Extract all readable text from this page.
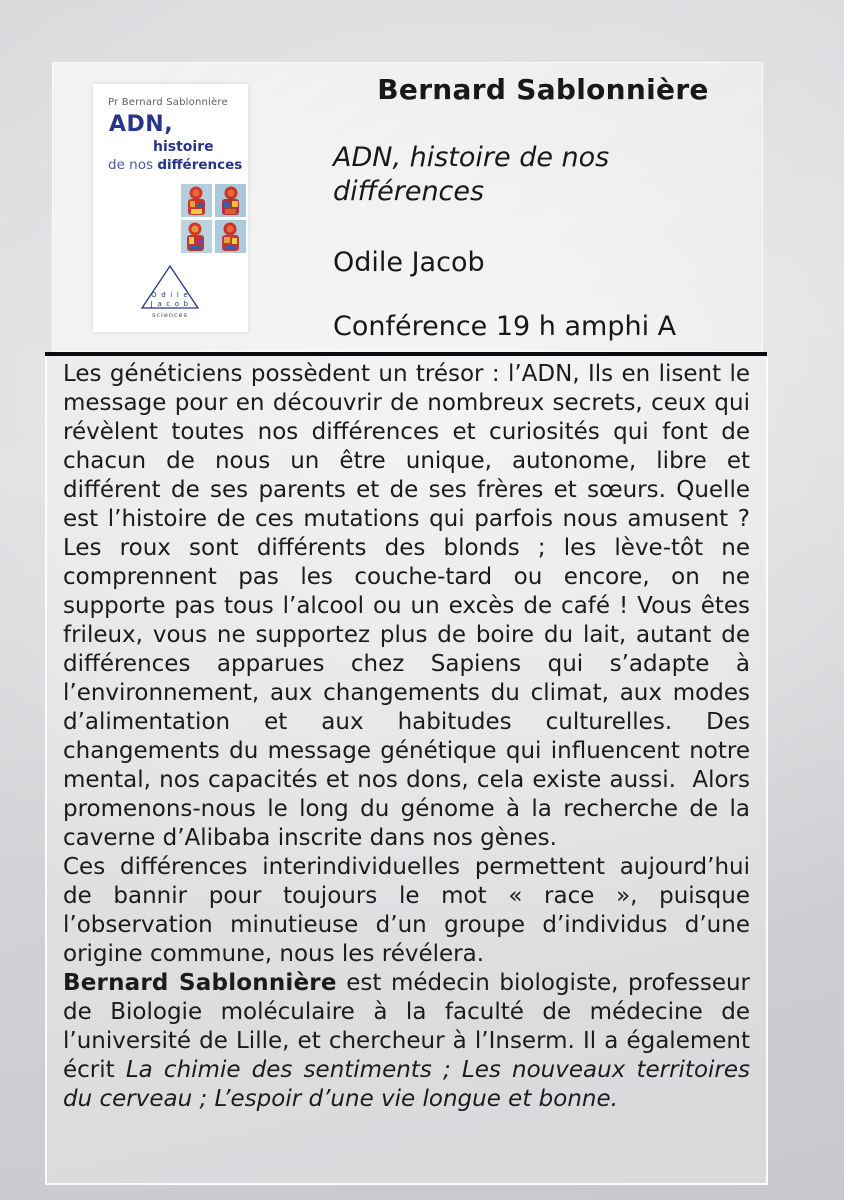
Pr Bernard Sablonnière
ADN,
histoire
de nos différences
O d i l e
J a c o b
sciences
Bernard Sablonnière
ADN, histoire de nos différences
Odile Jacob
Conférence 19 h amphi A

Les généticiens possèdent un trésor : l’ADN, Ils en lisent le message pour en découvrir de nombreux secrets, ceux qui révèlent toutes nos différences et curiosités qui font de chacun de nous un être unique, autonome, libre et différent de ses parents et de ses frères et sœurs. Quelle est l’histoire de ces mutations qui parfois nous amusent ? Les roux sont différents des blonds ; les lève-tôt ne comprennent pas les couche-tard ou encore, on ne supporte pas tous l’alcool ou un excès de café ! Vous êtes frileux, vous ne supportez plus de boire du lait, autant de différences apparues chez Sapiens qui s’adapte à l’environnement, aux changements du climat, aux modes d’alimentation et aux habitudes culturelles. Des changements du message génétique qui influencent notre mental, nos capacités et nos dons, cela existe aussi.  Alors promenons-nous le long du génome à la recherche de la caverne d’Alibaba inscrite dans nos gènes.

Ces différences interindividuelles permettent aujourd’hui de bannir pour toujours le mot « race », puisque l’observation minutieuse d’un groupe d’individus d’une origine commune, nous les révélera.

Bernard Sablonnière est médecin biologiste, professeur de Biologie moléculaire à la faculté de médecine de l’université de Lille, et chercheur à l’Inserm. Il a également écrit La chimie des sentiments ; Les nouveaux territoires du cerveau ; L’espoir d’une vie longue et bonne.
